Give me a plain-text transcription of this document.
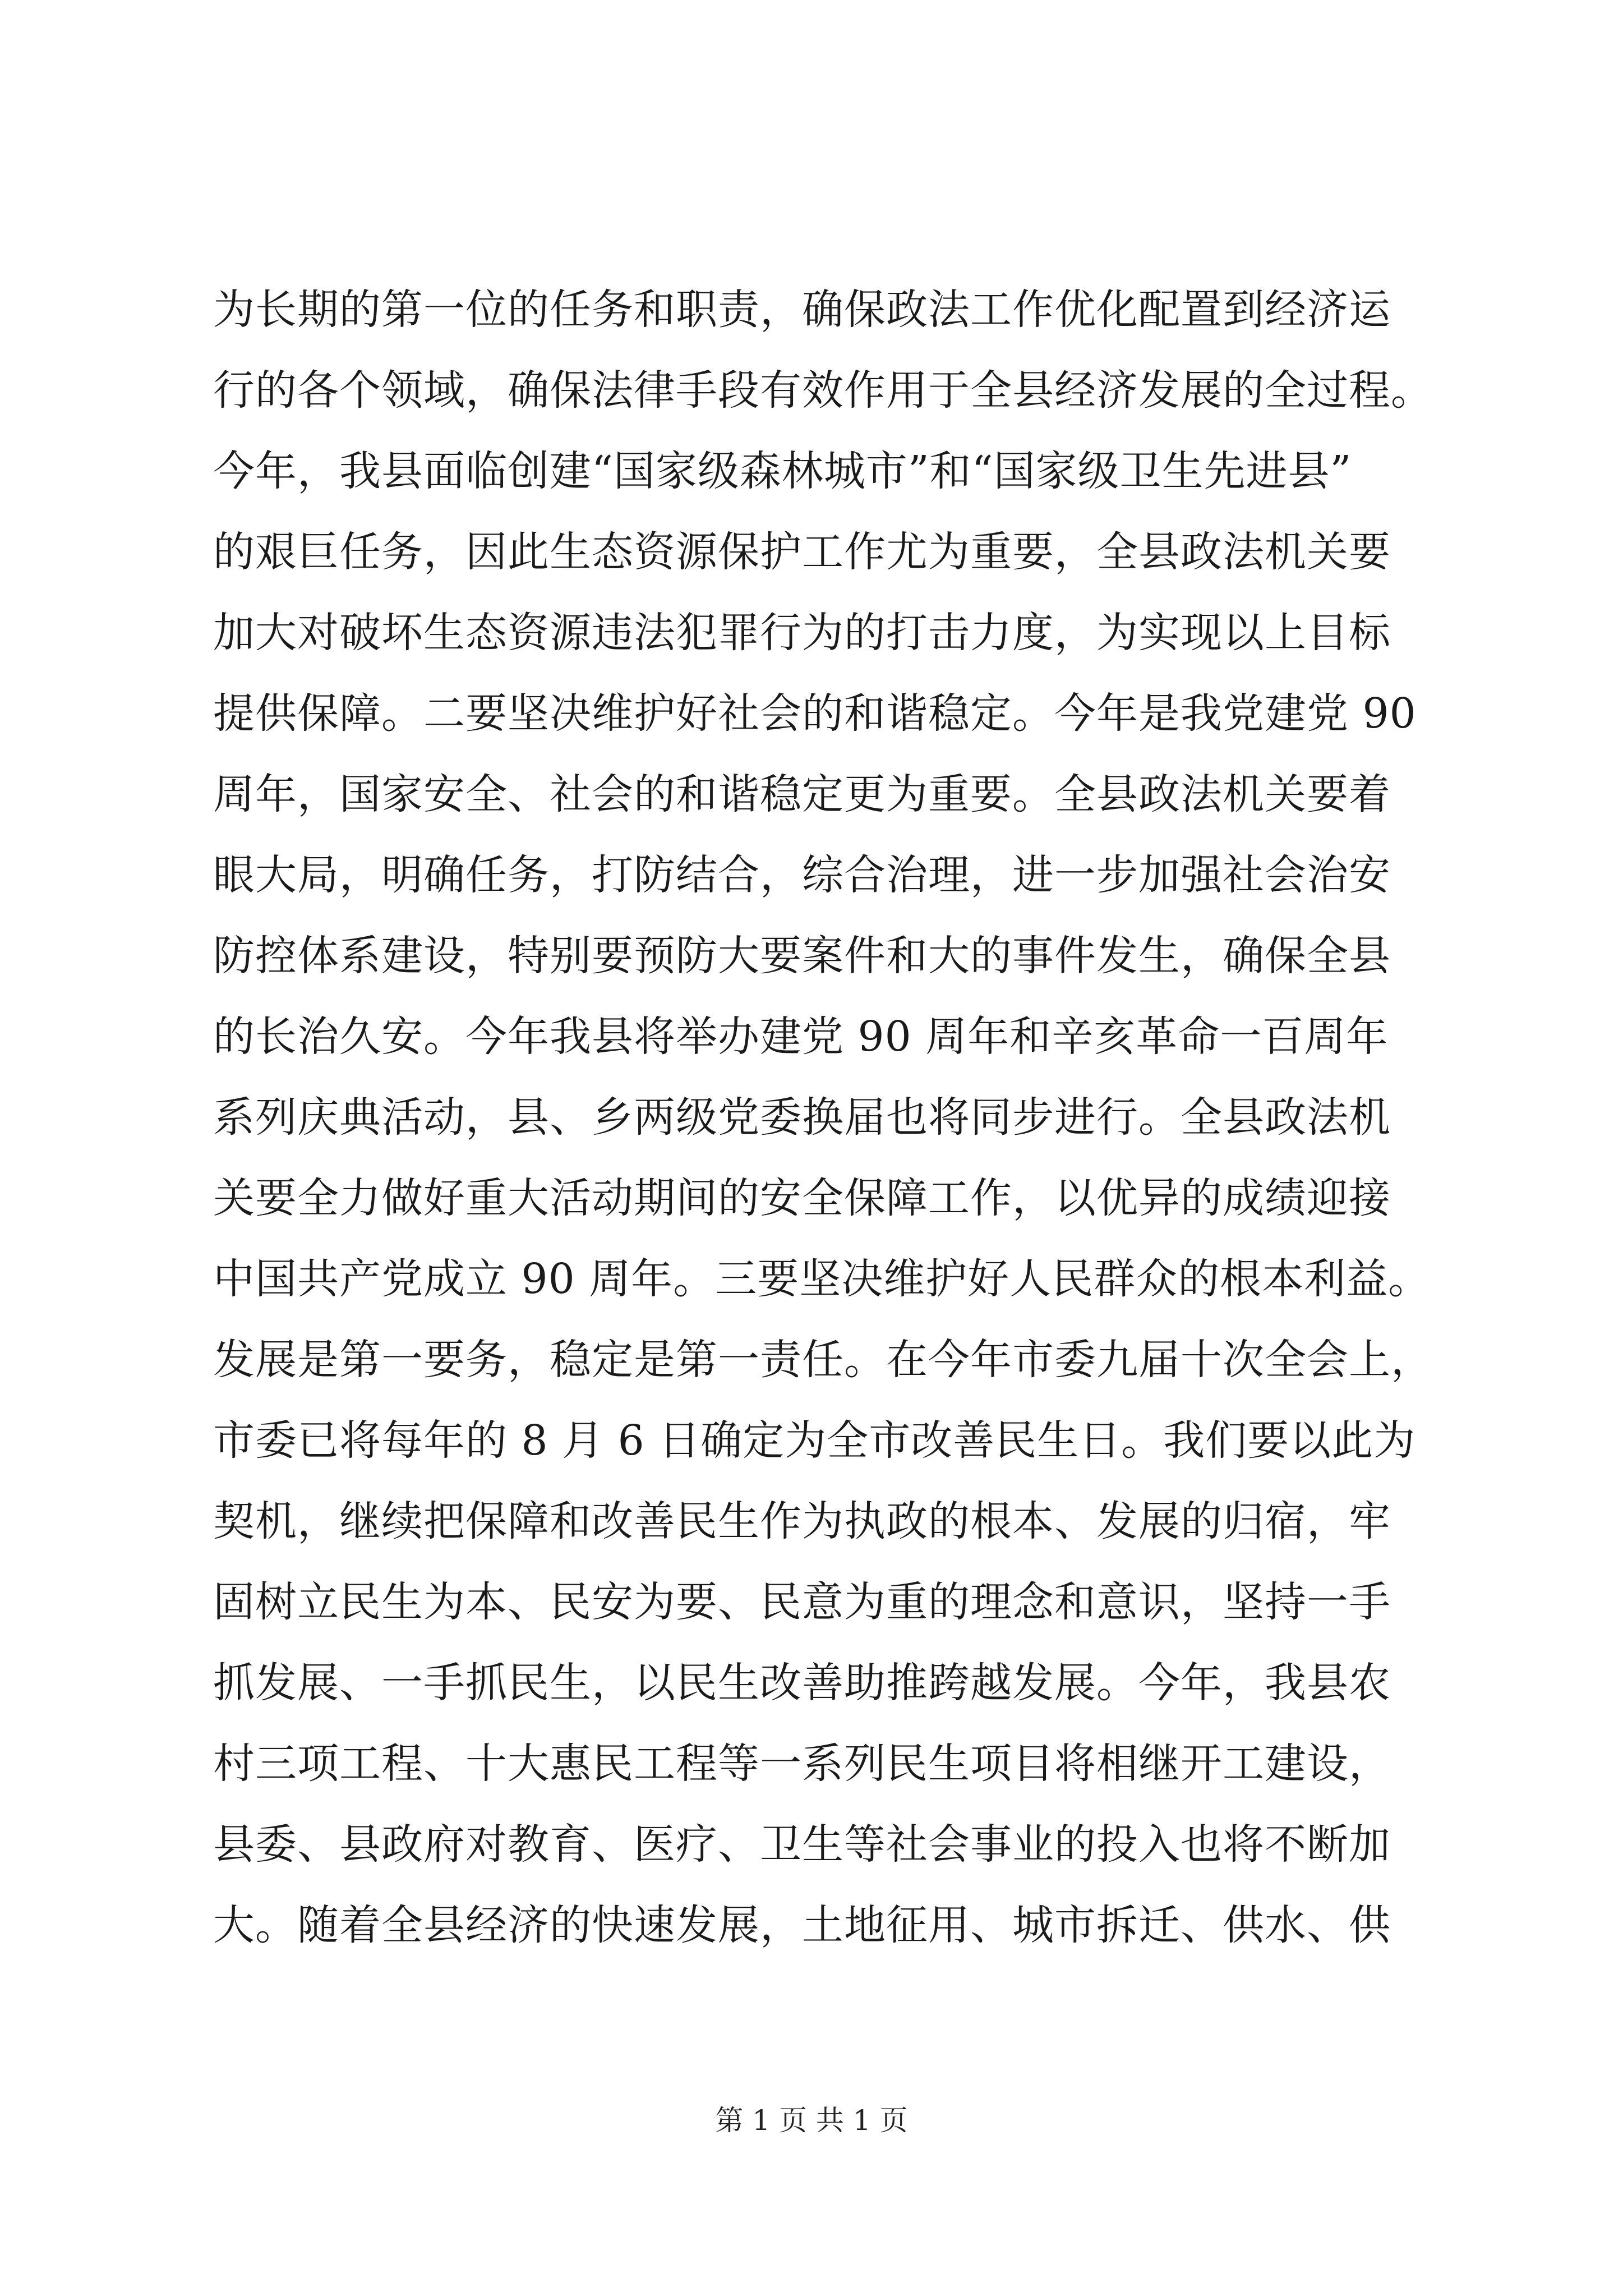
为长期的第一位的任务和职责，确保政法工作优化配置到经济运
行的各个领域，确保法律手段有效作用于全县经济发展的全过程。
今年，我县面临创建“国家级森林城市”和“国家级卫生先进县”
的艰巨任务，因此生态资源保护工作尤为重要，全县政法机关要
加大对破坏生态资源违法犯罪行为的打击力度，为实现以上目标
提供保障。二要坚决维护好社会的和谐稳定。今年是我党建党 90
周年，国家安全、社会的和谐稳定更为重要。全县政法机关要着
眼大局，明确任务，打防结合，综合治理，进一步加强社会治安
防控体系建设，特别要预防大要案件和大的事件发生，确保全县
的长治久安。今年我县将举办建党 90 周年和辛亥革命一百周年
系列庆典活动，县、乡两级党委换届也将同步进行。全县政法机
关要全力做好重大活动期间的安全保障工作，以优异的成绩迎接
中国共产党成立 90 周年。三要坚决维护好人民群众的根本利益。
发展是第一要务，稳定是第一责任。在今年市委九届十次全会上，
市委已将每年的 8 月 6 日确定为全市改善民生日。我们要以此为
契机，继续把保障和改善民生作为执政的根本、发展的归宿，牢
固树立民生为本、民安为要、民意为重的理念和意识，坚持一手
抓发展、一手抓民生，以民生改善助推跨越发展。今年，我县农
村三项工程、十大惠民工程等一系列民生项目将相继开工建设，
县委、县政府对教育、医疗、卫生等社会事业的投入也将不断加
大。随着全县经济的快速发展，土地征用、城市拆迁、供水、供
第 1 页 共 1 页
